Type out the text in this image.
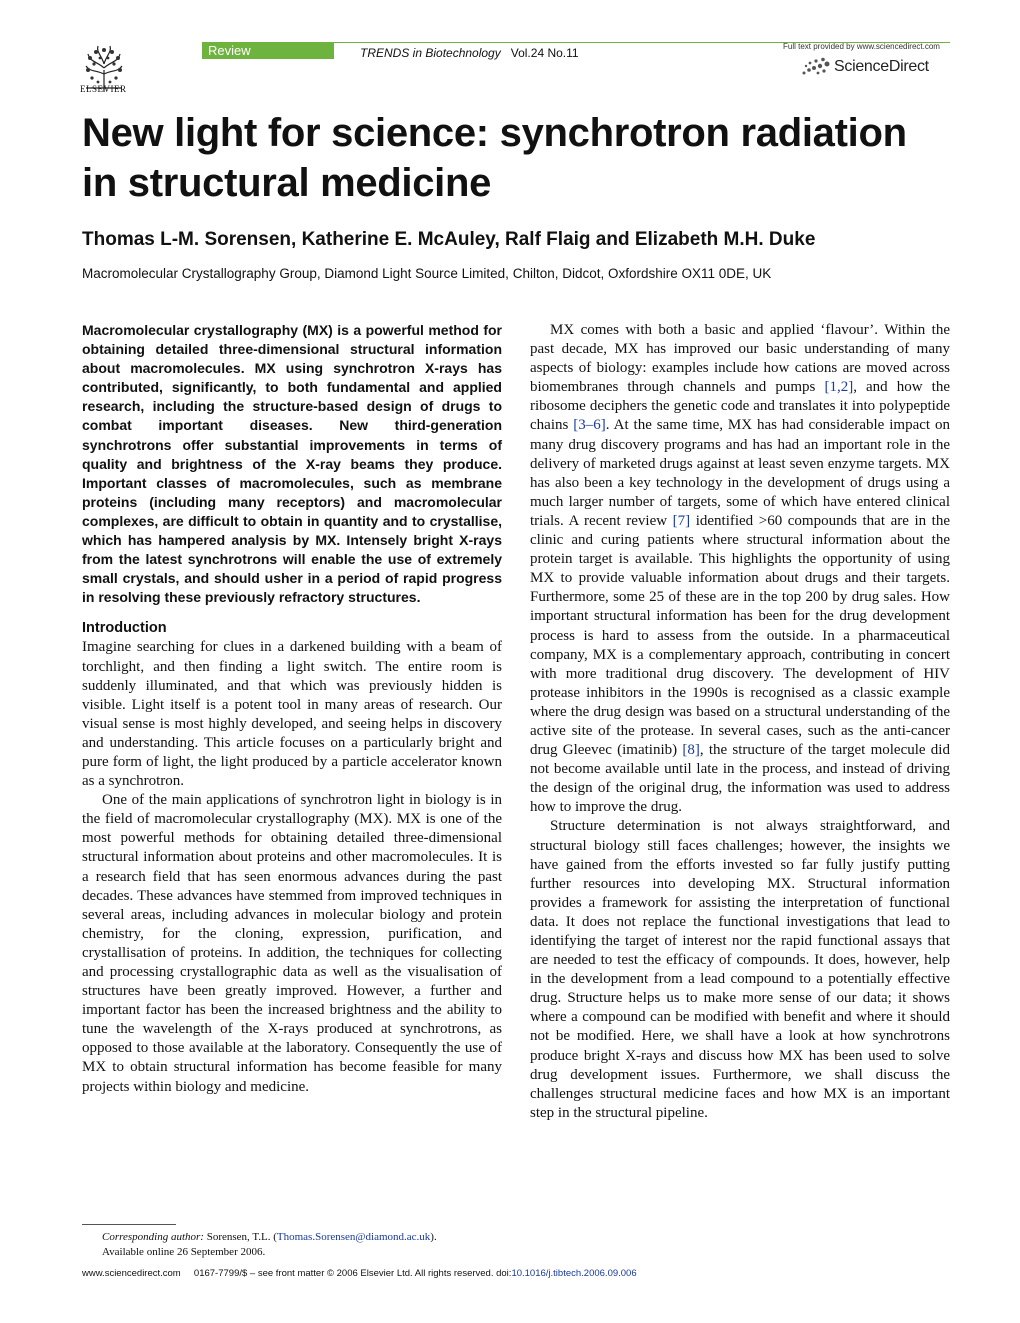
ELSEVIER
Review	TRENDS in Biotechnology Vol.24 No.11	Full text provided by www.sciencedirect.com
ScienceDirect
New light for science: synchrotron radiation in structural medicine
Thomas L-M. Sorensen, Katherine E. McAuley, Ralf Flaig and Elizabeth M.H. Duke
Macromolecular Crystallography Group, Diamond Light Source Limited, Chilton, Didcot, Oxfordshire OX11 0DE, UK

Macromolecular crystallography (MX) is a powerful method for obtaining detailed three-dimensional structural information about macromolecules. MX using synchrotron X-rays has contributed, significantly, to both fundamental and applied research, including the structure-based design of drugs to combat important diseases. New third-generation synchrotrons offer substantial improvements in terms of quality and brightness of the X-ray beams they produce. Important classes of macromolecules, such as membrane proteins (including many receptors) and macromolecular complexes, are difficult to obtain in quantity and to crystallise, which has hampered analysis by MX. Intensely bright X-rays from the latest synchrotrons will enable the use of extremely small crystals, and should usher in a period of rapid progress in resolving these previously refractory structures.

Introduction

Imagine searching for clues in a darkened building with a beam of torchlight, and then finding a light switch. The entire room is suddenly illuminated, and that which was previously hidden is visible. Light itself is a potent tool in many areas of research. Our visual sense is most highly developed, and seeing helps in discovery and understanding. This article focuses on a particularly bright and pure form of light, the light produced by a particle accelerator known as a synchrotron.

One of the main applications of synchrotron light in biology is in the field of macromolecular crystallography (MX). MX is one of the most powerful methods for obtaining detailed three-dimensional structural information about proteins and other macromolecules. It is a research field that has seen enormous advances during the past decades. These advances have stemmed from improved techniques in several areas, including advances in molecular biology and protein chemistry, for the cloning, expression, purification, and crystallisation of proteins. In addition, the techniques for collecting and processing crystallographic data as well as the visualisation of structures have been greatly improved. However, a further and important factor has been the increased brightness and the ability to tune the wavelength of the X-rays produced at synchrotrons, as opposed to those available at the laboratory. Consequently the use of MX to obtain structural information has become feasible for many projects within biology and medicine.

MX comes with both a basic and applied ‘flavour’. Within the past decade, MX has improved our basic understanding of many aspects of biology: examples include how cations are moved across biomembranes through channels and pumps [1,2], and how the ribosome deciphers the genetic code and translates it into polypeptide chains [3–6]. At the same time, MX has had considerable impact on many drug discovery programs and has had an important role in the delivery of marketed drugs against at least seven enzyme targets. MX has also been a key technology in the development of drugs using a much larger number of targets, some of which have entered clinical trials. A recent review [7] identified >60 compounds that are in the clinic and curing patients where structural information about the protein target is available. This highlights the opportunity of using MX to provide valuable information about drugs and their targets. Furthermore, some 25 of these are in the top 200 by drug sales. How important structural information has been for the drug development process is hard to assess from the outside. In a pharmaceutical company, MX is a complementary approach, contributing in concert with more traditional drug discovery. The development of HIV protease inhibitors in the 1990s is recognised as a classic example where the drug design was based on a structural understanding of the active site of the protease. In several cases, such as the anti-cancer drug Gleevec (imatinib) [8], the structure of the target molecule did not become available until late in the process, and instead of driving the design of the original drug, the information was used to address how to improve the drug.

Structure determination is not always straightforward, and structural biology still faces challenges; however, the insights we have gained from the efforts invested so far fully justify putting further resources into developing MX. Structural information provides a framework for assisting the interpretation of functional data. It does not replace the functional investigations that lead to identifying the target of interest nor the rapid functional assays that are needed to test the efficacy of compounds. It does, however, help in the development from a lead compound to a potentially effective drug. Structure helps us to make more sense of our data; it shows where a compound can be modified with benefit and where it should not be modified. Here, we shall have a look at how synchrotrons produce bright X-rays and discuss how MX has been used to solve drug development issues. Furthermore, we shall discuss the challenges structural medicine faces and how MX is an important step in the structural pipeline.

Corresponding author: Sorensen, T.L. (Thomas.Sorensen@diamond.ac.uk).
Available online 26 September 2006.
www.sciencedirect.com     0167-7799/$ – see front matter © 2006 Elsevier Ltd. All rights reserved. doi:10.1016/j.tibtech.2006.09.006
